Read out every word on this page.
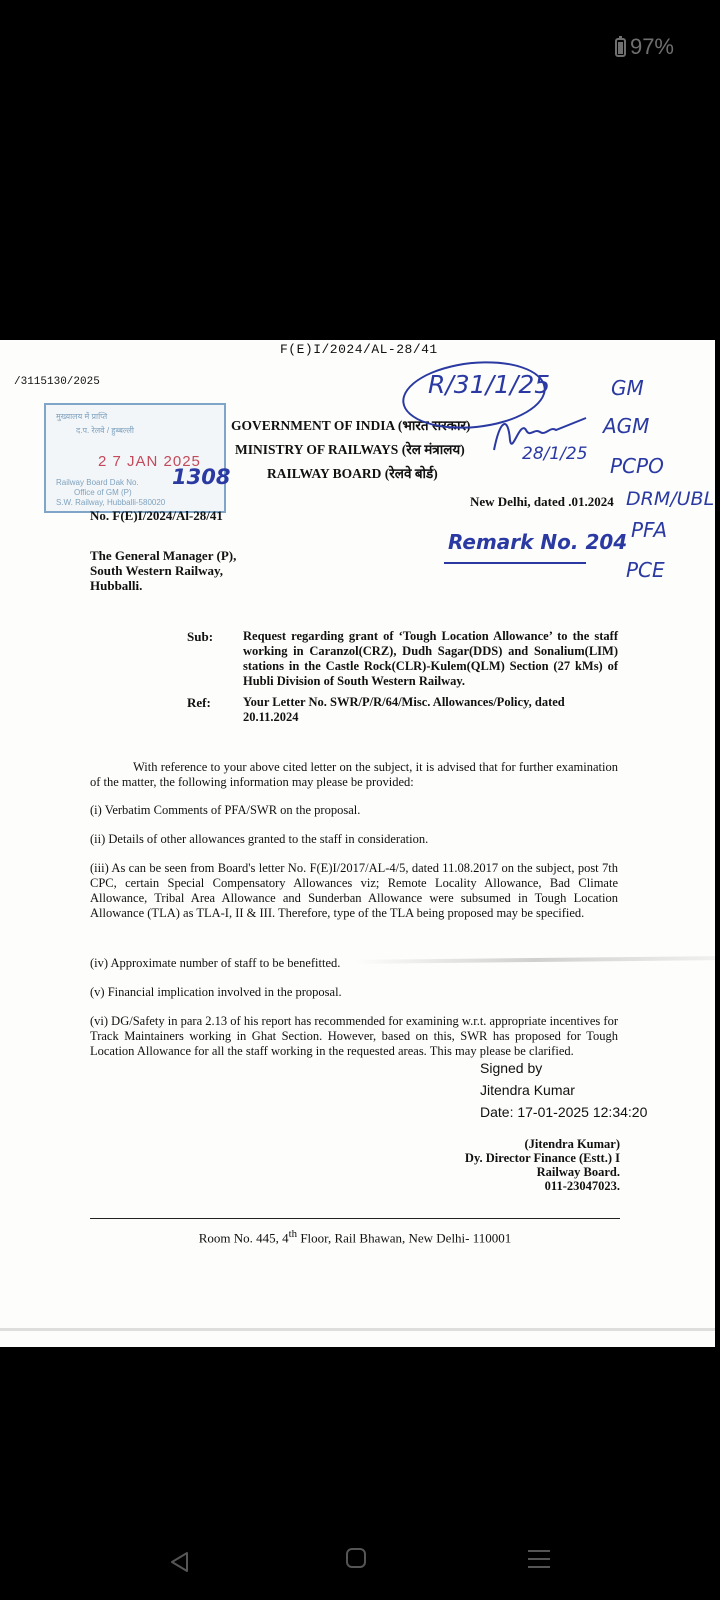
97%
F(E)I/2024/AL-28/41
/3115130/2025
मुख्यालय में प्राप्ति
द.प. रेलवे / हुब्बल्ली
2 7 JAN 2025
1308
Railway Board Dak No.
Office of GM (P)
S.W. Railway, Hubballi-580020
GOVERNMENT OF INDIA (भारत सरकार)
MINISTRY OF RAILWAYS (रेल मंत्रालय)
RAILWAY BOARD (रेलवे बोर्ड)
R/31/1/25
28/1/25
GM
AGM
PCPO
DRM/UBL
PFA
PCE
New Delhi, dated .01.2024
No. F(E)I/2024/Al-28/41
Remark No. 204
The General Manager (P),
South Western Railway,
Hubballi.
Sub: Request regarding grant of ‘Tough Location Allowance’ to the staff working in Caranzol(CRZ), Dudh Sagar(DDS) and Sonalium(LIM) stations in the Castle Rock(CLR)-Kulem(QLM) Section (27 kMs) of Hubli Division of South Western Railway.
Ref:	Your Letter No. SWR/P/R/64/Misc. Allowances/Policy, dated 20.11.2024
With reference to your above cited letter on the subject, it is advised that for further examination of the matter, the following information may please be provided:
(i) Verbatim Comments of PFA/SWR on the proposal.
(ii) Details of other allowances granted to the staff in consideration.
(iii) As can be seen from Board's letter No. F(E)I/2017/AL-4/5, dated 11.08.2017 on the subject, post 7th CPC, certain Special Compensatory Allowances viz; Remote Locality Allowance, Bad Climate Allowance, Tribal Area Allowance and Sunderban Allowance were subsumed in Tough Location Allowance (TLA) as TLA-I, II & III. Therefore, type of the TLA being proposed may be specified.
(iv) Approximate number of staff to be benefitted.
(v) Financial implication involved in the proposal.
(vi) DG/Safety in para 2.13 of his report has recommended for examining w.r.t. appropriate incentives for Track Maintainers working in Ghat Section. However, based on this, SWR has proposed for Tough Location Allowance for all the staff working in the requested areas. This may please be clarified.
Signed by
Jitendra Kumar
Date: 17-01-2025 12:34:20
(Jitendra Kumar)
Dy. Director Finance (Estt.) I
Railway Board.
011-23047023.
Room No. 445, 4th Floor, Rail Bhawan, New Delhi- 110001
